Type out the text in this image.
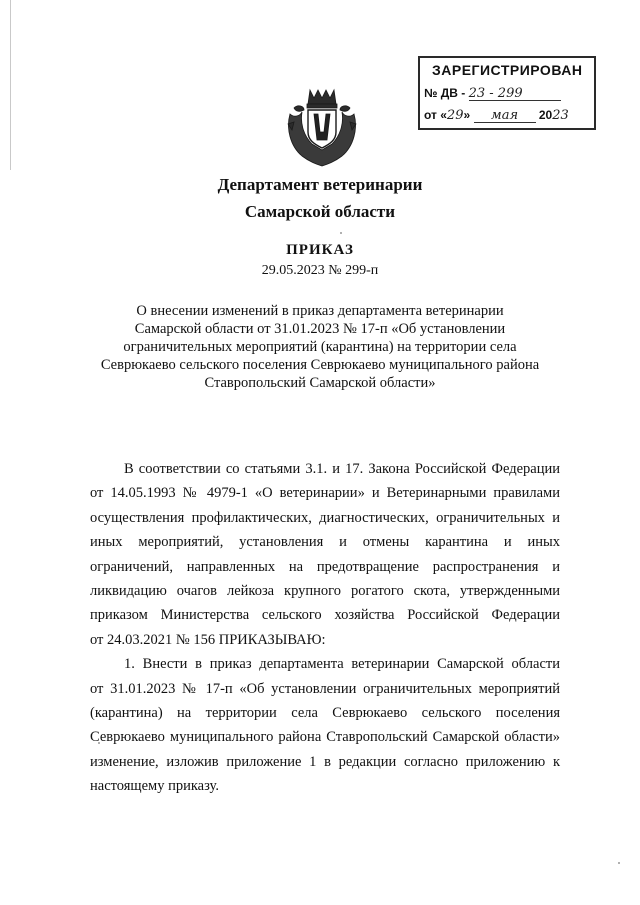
ЗАРЕГИСТРИРОВАН
№ ДВ - 23 - 299
от «29» мая 2023
Департамент ветеринарии
Самарской области
ПРИКАЗ
29.05.2023 № 299-п
О внесении изменений в приказ департамента ветеринарии
Самарской области от 31.01.2023 № 17-п «Об установлении
ограничительных мероприятий (карантина) на территории села
Севрюкаево сельского поселения Севрюкаево муниципального района
Ставропольский Самарской области»

В соответствии со статьями 3.1. и 17. Закона Российской Федерации
от 14.05.1993 № 4979-1 «О ветеринарии» и Ветеринарными правилами
осуществления профилактических, диагностических, ограничительных и
иных мероприятий, установления и отмены карантина и иных
ограничений, направленных на предотвращение распространения и
ликвидацию очагов лейкоза крупного рогатого скота, утвержденными
приказом Министерства сельского хозяйства Российской Федерации
от 24.03.2021 № 156 ПРИКАЗЫВАЮ:

1. Внести в приказ департамента ветеринарии Самарской области
от 31.01.2023 № 17-п «Об установлении ограничительных мероприятий
(карантина) на территории села Севрюкаево сельского поселения
Севрюкаево муниципального района Ставропольский Самарской области»
изменение, изложив приложение 1 в редакции согласно приложению к
настоящему приказу.
